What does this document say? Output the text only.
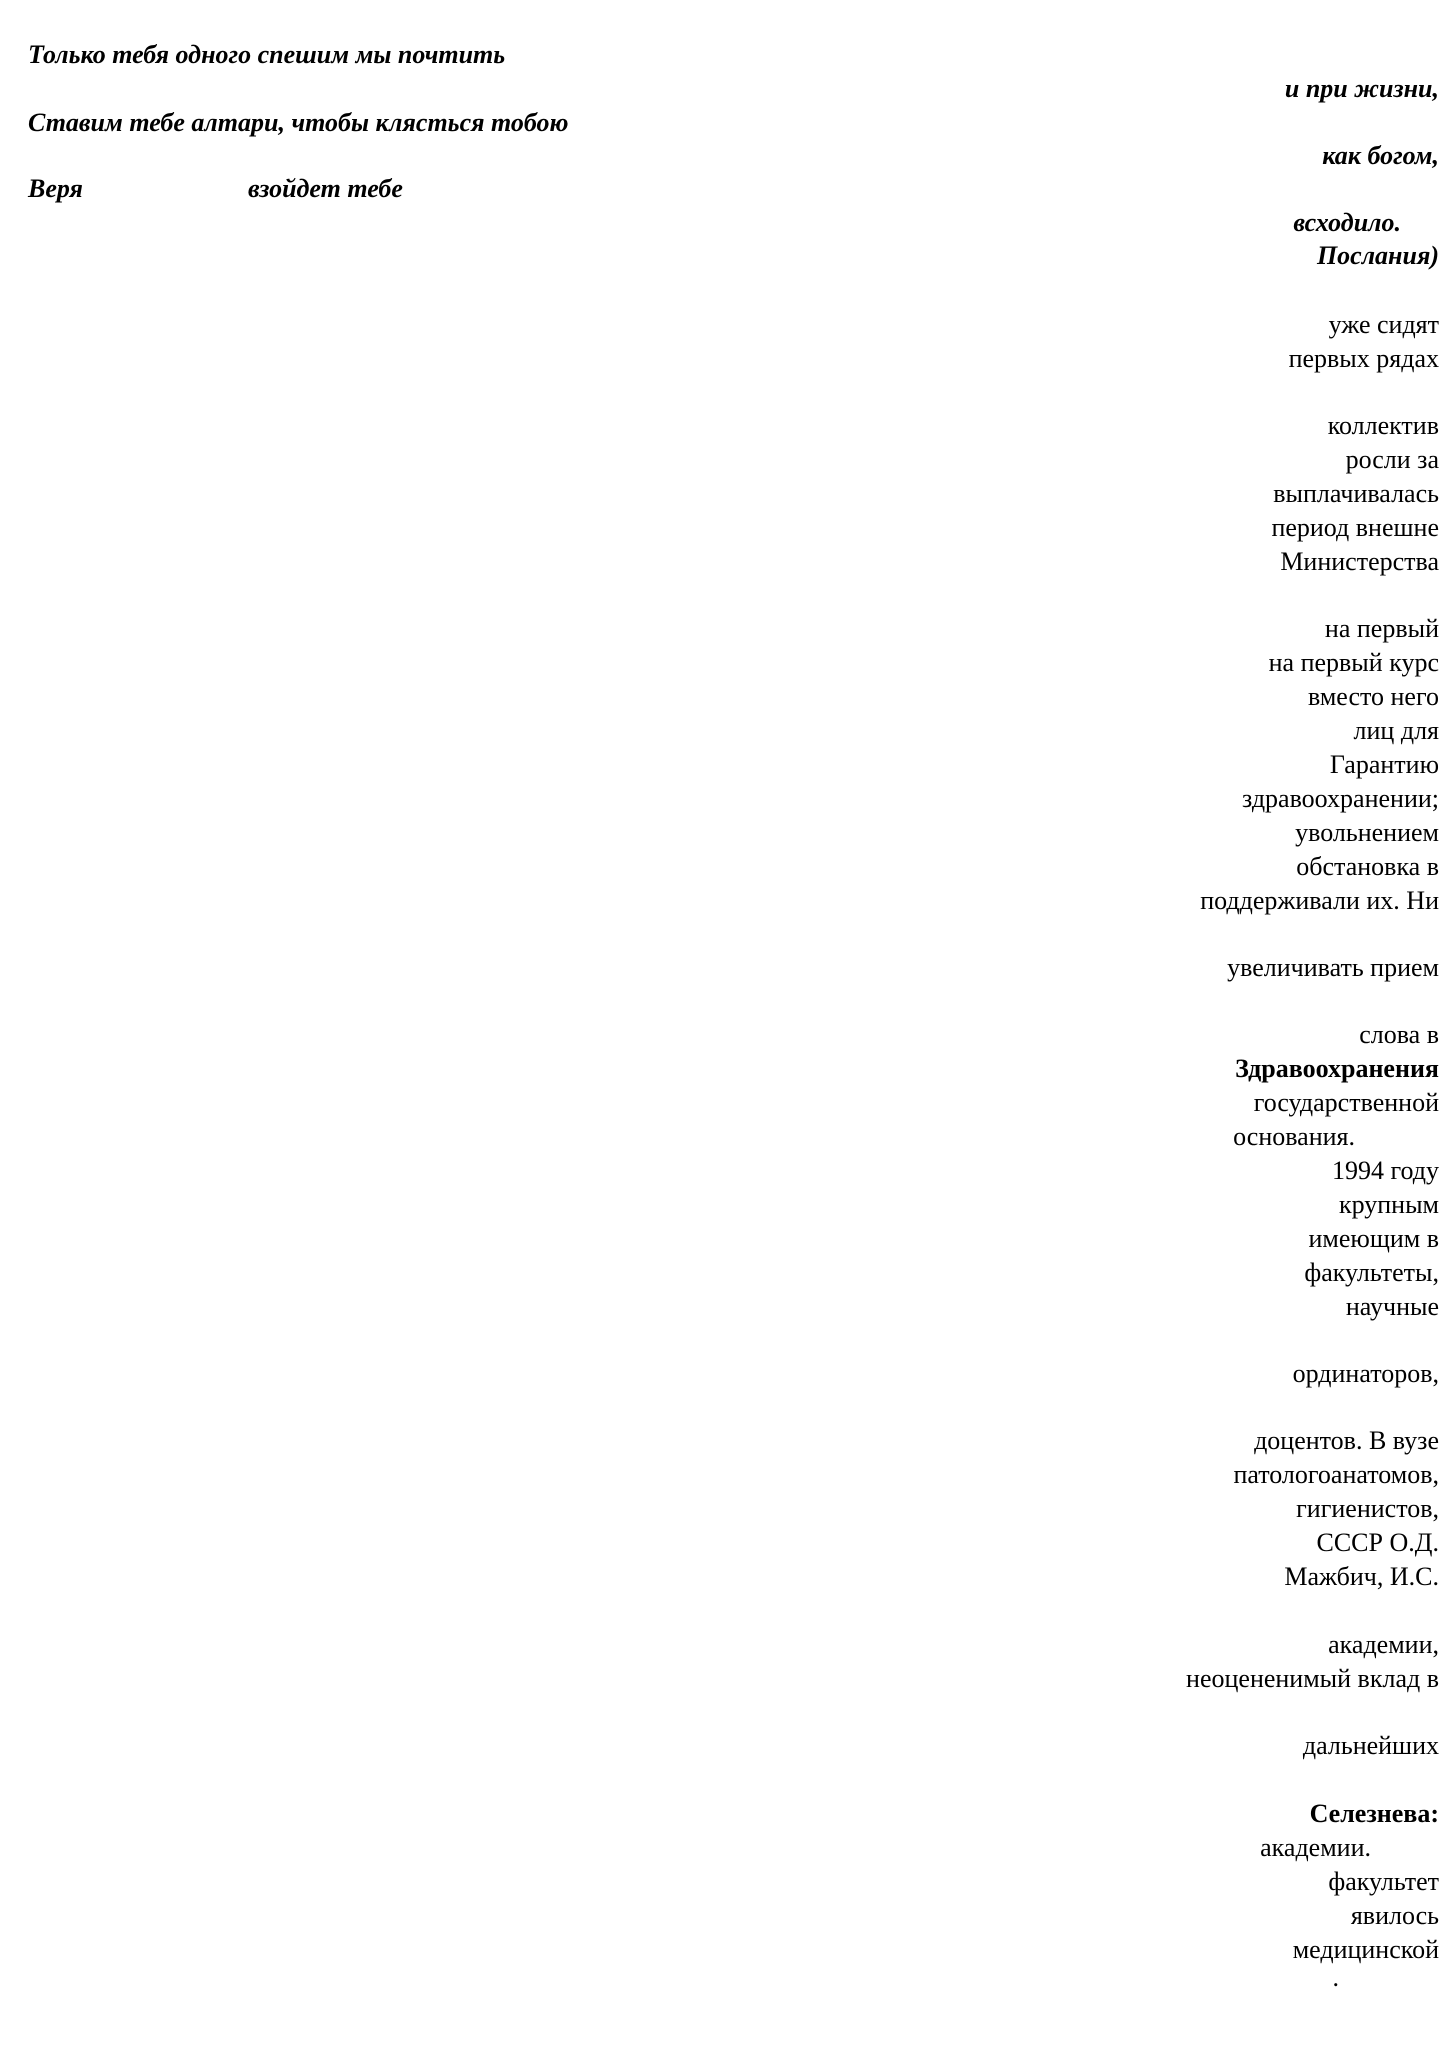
Только тебя одного спешим мы почтить
Ставим тебе алтари, чтобы клясться тобою
Веря	взойдет тебе
и при жизни,
как богом,
всходило.
Послания)
уже сидят
первых рядах
коллектив
росли за
выплачивалась
период внешне
Министерства
на первый
на первый курс
вместо него
лиц для
Гарантию
здравоохранении;
увольнением
обстановка в
поддерживали их. Ни
увеличивать прием
слова в
Здравоохранения
государственной
основания.
1994 году
крупным
имеющим в
факультеты,
научные
ординаторов,
доцентов. В вузе
патологоанатомов,
гигиенистов,
СССР О.Д.
Мажбич, И.С.
академии,
неоцененимый вклад в
дальнейших
Селезнева:
академии.
факультет
явилось
медицинской
.
